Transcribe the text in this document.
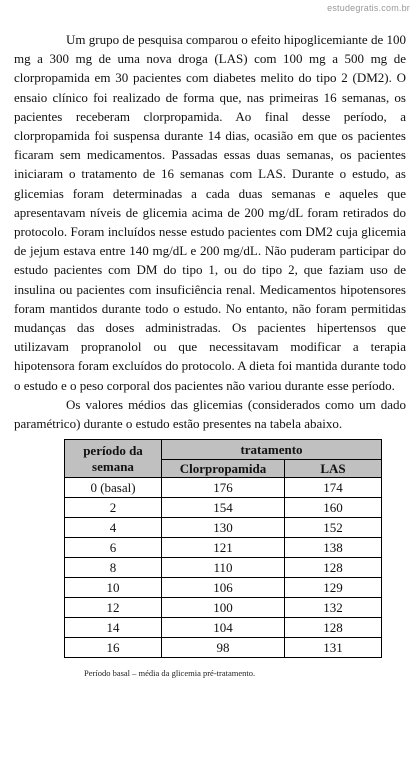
estudegratis.com.br

Um grupo de pesquisa comparou o efeito hipoglicemiante de 100 mg a 300 mg de uma nova droga (LAS) com 100 mg a 500 mg de clorpropamida em 30 pacientes com diabetes melito do tipo 2 (DM2). O ensaio clínico foi realizado de forma que, nas primeiras 16 semanas, os pacientes receberam clorpropamida. Ao final desse período, a clorpropamida foi suspensa durante 14 dias, ocasião em que os pacientes ficaram sem medicamentos. Passadas essas duas semanas, os pacientes iniciaram o tratamento de 16 semanas com LAS. Durante o estudo, as glicemias foram determinadas a cada duas semanas e aqueles que apresentavam níveis de glicemia acima de 200 mg/dL foram retirados do protocolo. Foram incluídos nesse estudo pacientes com DM2 cuja glicemia de jejum estava entre 140 mg/dL e 200 mg/dL. Não puderam participar do estudo pacientes com DM do tipo 1, ou do tipo 2, que faziam uso de insulina ou pacientes com insuficiência renal. Medicamentos hipotensores foram mantidos durante todo o estudo. No entanto, não foram permitidas mudanças das doses administradas. Os pacientes hipertensos que utilizavam propranolol ou que necessitavam modificar a terapia hipotensora foram excluídos do protocolo. A dieta foi mantida durante todo o estudo e o peso corporal dos pacientes não variou durante esse período.

Os valores médios das glicemias (considerados como um dado paramétrico) durante o estudo estão presentes na tabela abaixo.

período da
semana	tratamento	
	Clorpropamida	LAS
0 (basal)	176	174
2	154	160
4	130	152
6	121	138
8	110	128
10	106	129
12	100	132
14	104	128
16	98	131
Período basal – média da glicemia pré-tratamento.
